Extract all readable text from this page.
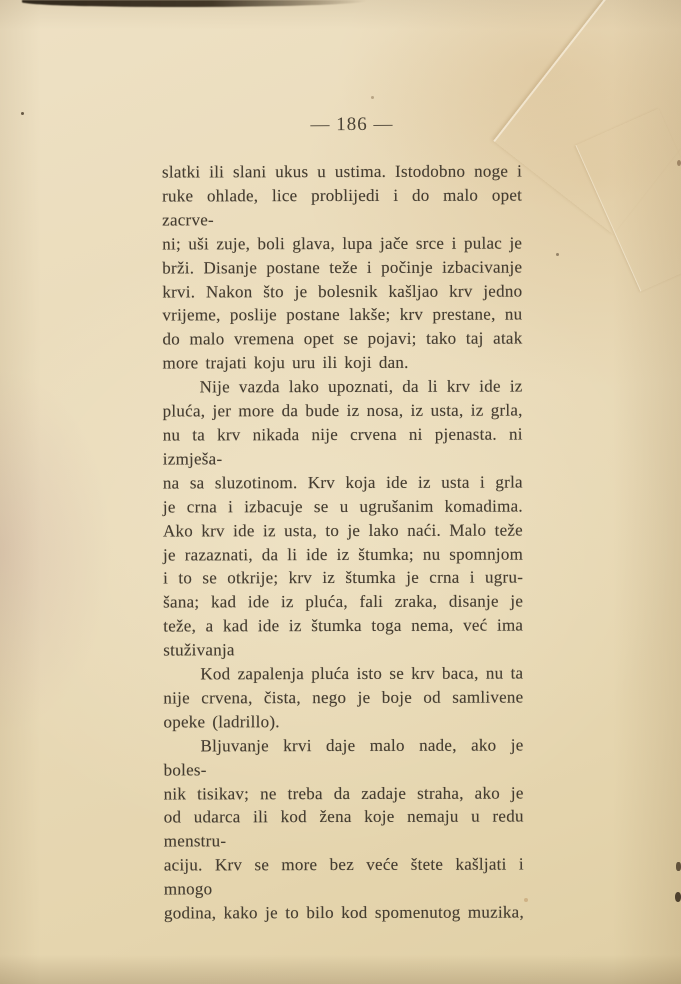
— 186 —
slatki ili slani ukus u ustima. Istodobno noge i
ruke ohlade, lice problijedi i do malo opet zacrve-
ni; uši zuje, boli glava, lupa jače srce i pulac je
brži. Disanje postane teže i počinje izbacivanje
krvi. Nakon što je bolesnik kašljao krv jedno
vrijeme, poslije postane lakše; krv prestane, nu
do malo vremena opet se pojavi; tako taj atak
more trajati koju uru ili koji dan.
Nije vazda lako upoznati, da li krv ide iz
pluća, jer more da bude iz nosa, iz usta, iz grla,
nu ta krv nikada nije crvena ni pjenasta. ni izmješa-
na sa sluzotinom. Krv koja ide iz usta i grla
je crna i izbacuje se u ugrušanim komadima.
Ako krv ide iz usta, to je lako naći. Malo teže
je razaznati, da li ide iz štumka; nu spomnjom
i to se otkrije; krv iz štumka je crna i ugru-
šana; kad ide iz pluća, fali zraka, disanje je
teže, a kad ide iz štumka toga nema, već ima
stuživanja
Kod zapalenja pluća isto se krv baca, nu ta
nije crvena, čista, nego je boje od samlivene
opeke (ladrillo).
Bljuvanje krvi daje malo nade, ako je boles-
nik tisikav; ne treba da zadaje straha, ako je
od udarca ili kod žena koje nemaju u redu menstru-
aciju. Krv se more bez veće štete kašljati i mnogo
godina, kako je to bilo kod spomenutog muzika,
